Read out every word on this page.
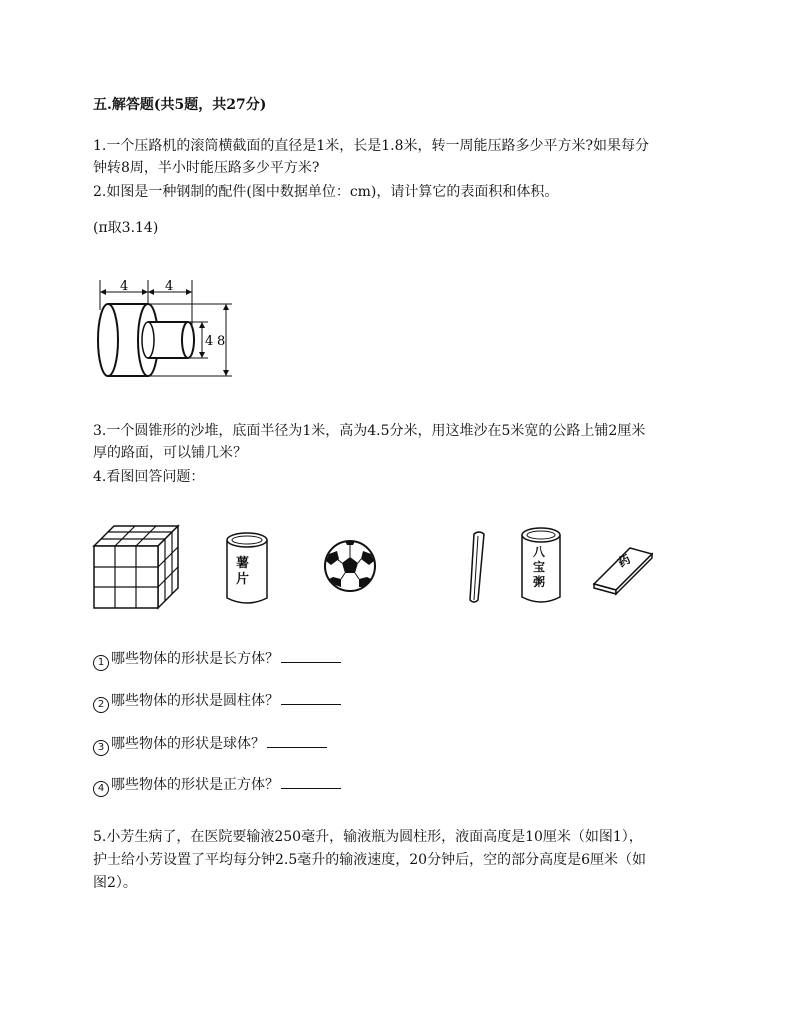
五.解答题(共5题，共27分)
1.一个压路机的滚筒横截面的直径是1米，长是1.8米，转一周能压路多少平方米?如果每分
钟转8周，半小时能压路多少平方米?
2.如图是一种钢制的配件(图中数据单位：cm)，请计算它的表面积和体积。
(π取3.14)
4	4
4 8
3.一个圆锥形的沙堆，底面半径为1米，高为4.5分米，用这堆沙在5米宽的公路上铺2厘米
厚的路面，可以铺几米？
4.看图回答问题：
薯片
八宝粥
药
1 哪些物体的形状是长方体？
2 哪些物体的形状是圆柱体？
3 哪些物体的形状是球体？
4 哪些物体的形状是正方体？
5.小芳生病了，在医院要输液250毫升，输液瓶为圆柱形，液面高度是10厘米（如图1），
护士给小芳设置了平均每分钟2.5毫升的输液速度，20分钟后，空的部分高度是6厘米（如
图2）。
